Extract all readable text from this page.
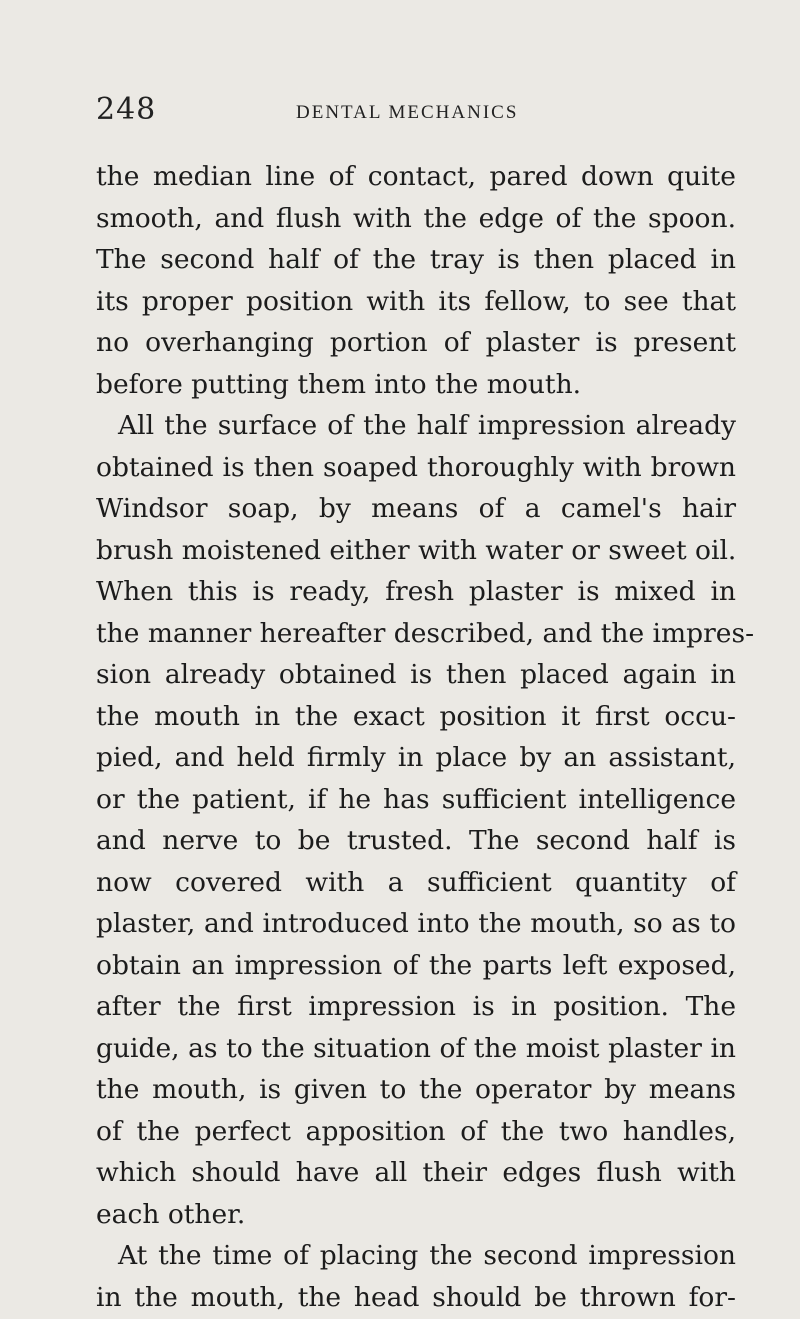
248	DENTAL MECHANICS
the median line of contact, pared down quite
smooth, and flush with the edge of the spoon.
The second half of the tray is then placed in
its proper position with its fellow, to see that
no overhanging portion of plaster is present
before putting them into the mouth.
All the surface of the half impression already
obtained is then soaped thoroughly with brown
Windsor soap, by means of a camel's hair
brush moistened either with water or sweet oil.
When this is ready, fresh plaster is mixed in
the manner hereafter described, and the impres-
sion already obtained is then placed again in
the mouth in the exact position it first occu-
pied, and held firmly in place by an assistant,
or the patient, if he has sufficient intelligence
and nerve to be trusted. The second half is
now covered with a sufficient quantity of
plaster, and introduced into the mouth, so as to
obtain an impression of the parts left exposed,
after the first impression is in position. The
guide, as to the situation of the moist plaster in
the mouth, is given to the operator by means
of the perfect apposition of the two handles,
which should have all their edges flush with
each other.
At the time of placing the second impression
in the mouth, the head should be thrown for-
